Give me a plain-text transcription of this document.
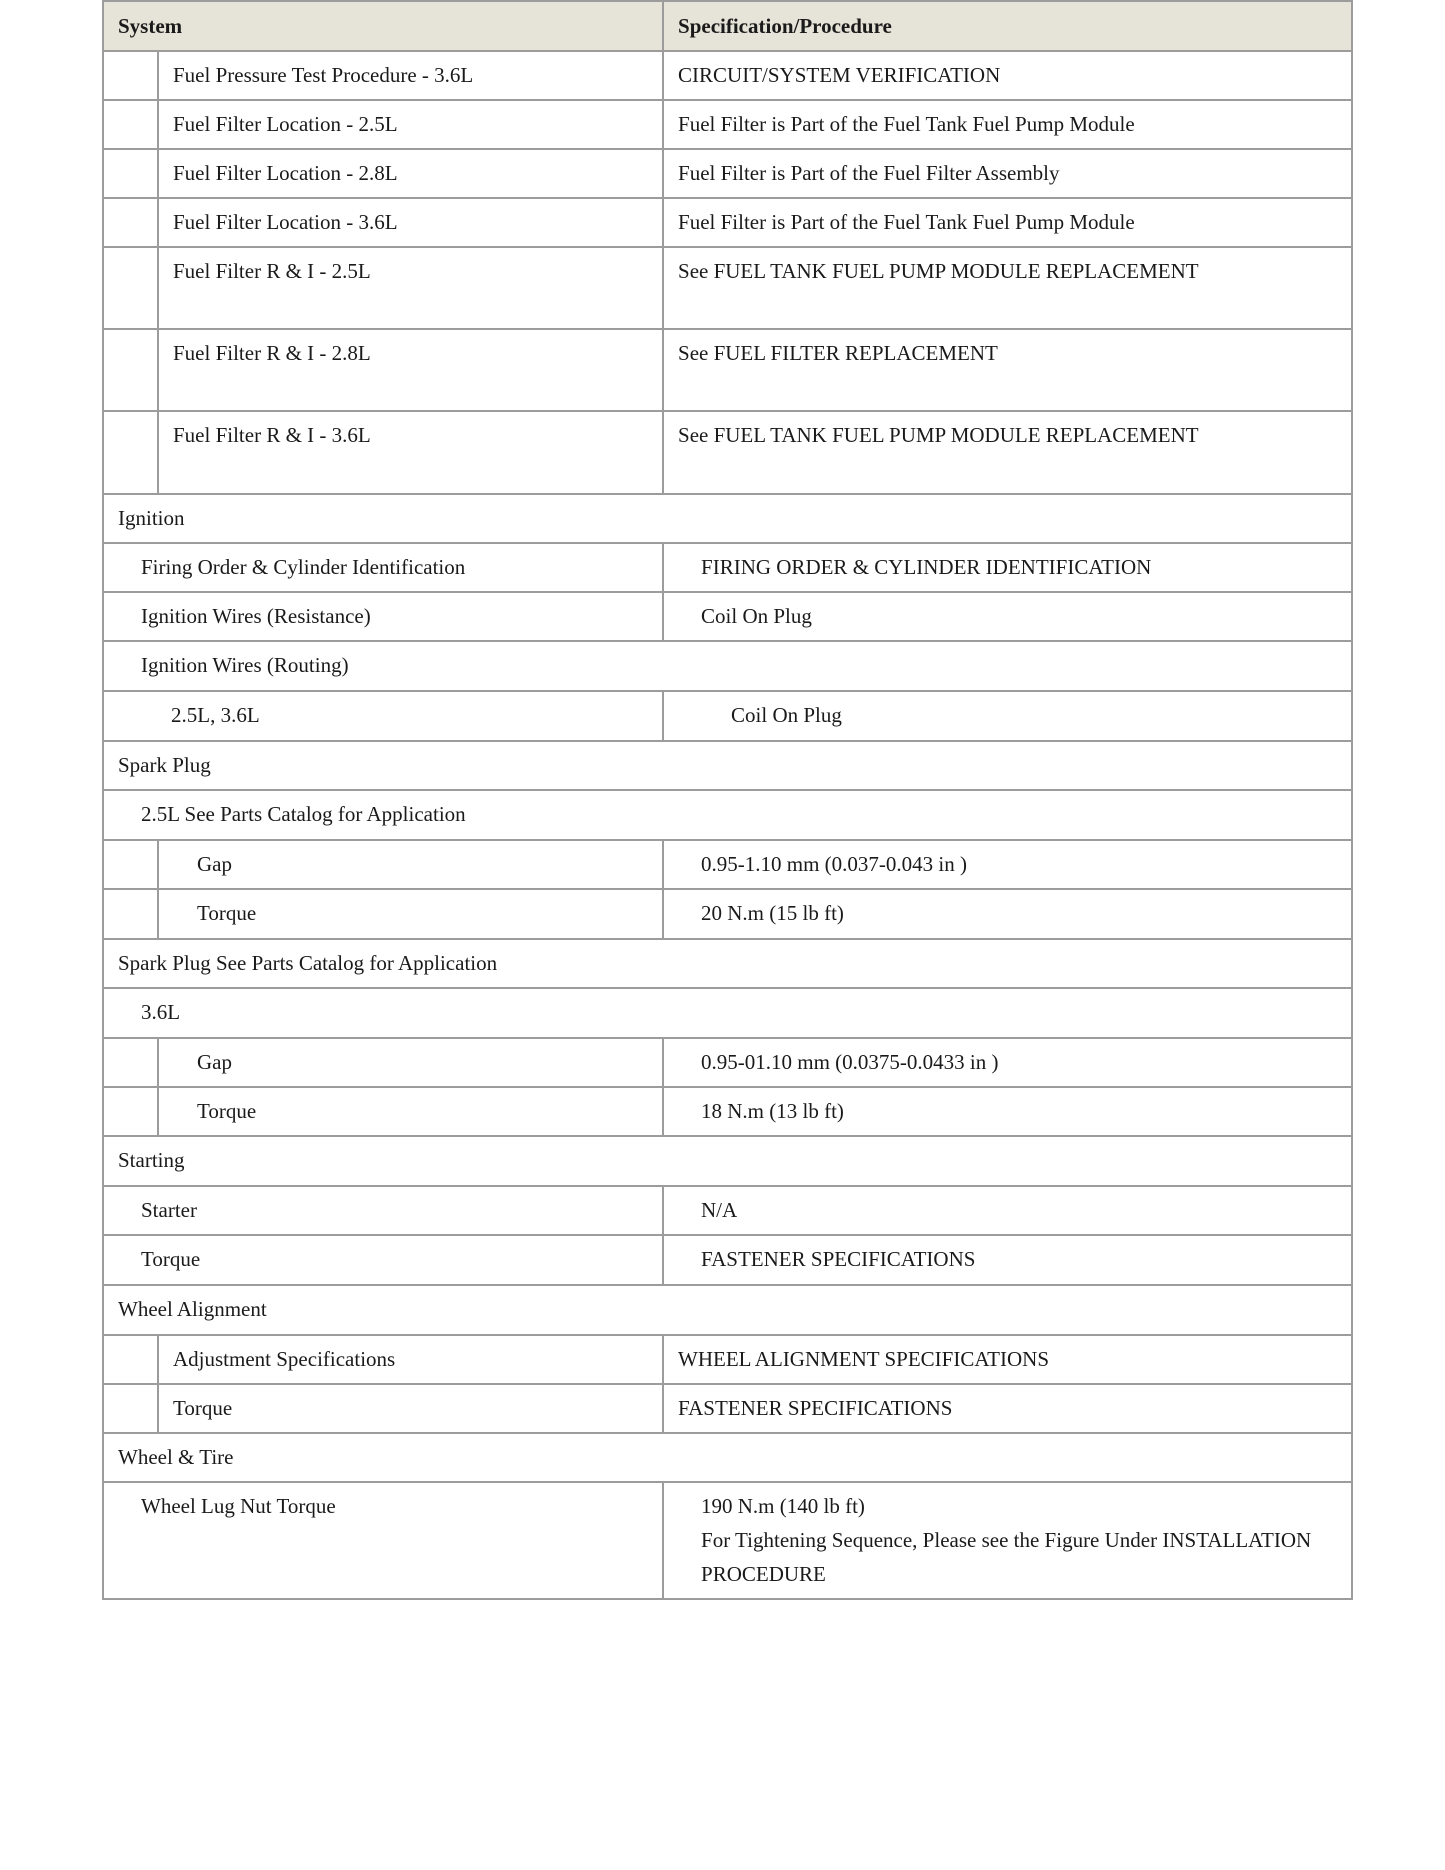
System		Specification/Procedure
	Fuel Pressure Test Procedure - 3.6L	CIRCUIT/SYSTEM VERIFICATION
	Fuel Filter Location - 2.5L	Fuel Filter is Part of the Fuel Tank Fuel Pump Module
	Fuel Filter Location - 2.8L	Fuel Filter is Part of the Fuel Filter Assembly
	Fuel Filter Location - 3.6L	Fuel Filter is Part of the Fuel Tank Fuel Pump Module
	Fuel Filter R & I - 2.5L	See FUEL TANK FUEL PUMP MODULE REPLACEMENT
	Fuel Filter R & I - 2.8L	See FUEL FILTER REPLACEMENT
	Fuel Filter R & I - 3.6L	See FUEL TANK FUEL PUMP MODULE REPLACEMENT
Ignition		
Firing Order & Cylinder Identification		FIRING ORDER & CYLINDER IDENTIFICATION
Ignition Wires (Resistance)		Coil On Plug
Ignition Wires (Routing)		
2.5L, 3.6L		Coil On Plug
Spark Plug		
2.5L See Parts Catalog for Application		
	Gap	0.95-1.10 mm (0.037-0.043 in )
	Torque	20 N.m (15 lb ft)
Spark Plug See Parts Catalog for Application		
3.6L		
	Gap	0.95-01.10 mm (0.0375-0.0433 in )
	Torque	18 N.m (13 lb ft)
Starting		
Starter		N/A
Torque		FASTENER SPECIFICATIONS
Wheel Alignment		
	Adjustment Specifications	WHEEL ALIGNMENT SPECIFICATIONS
	Torque	FASTENER SPECIFICATIONS
Wheel & Tire		
Wheel Lug Nut Torque		190 N.m (140 lb ft)
For Tightening Sequence, Please see the Figure Under INSTALLATION
PROCEDURE
